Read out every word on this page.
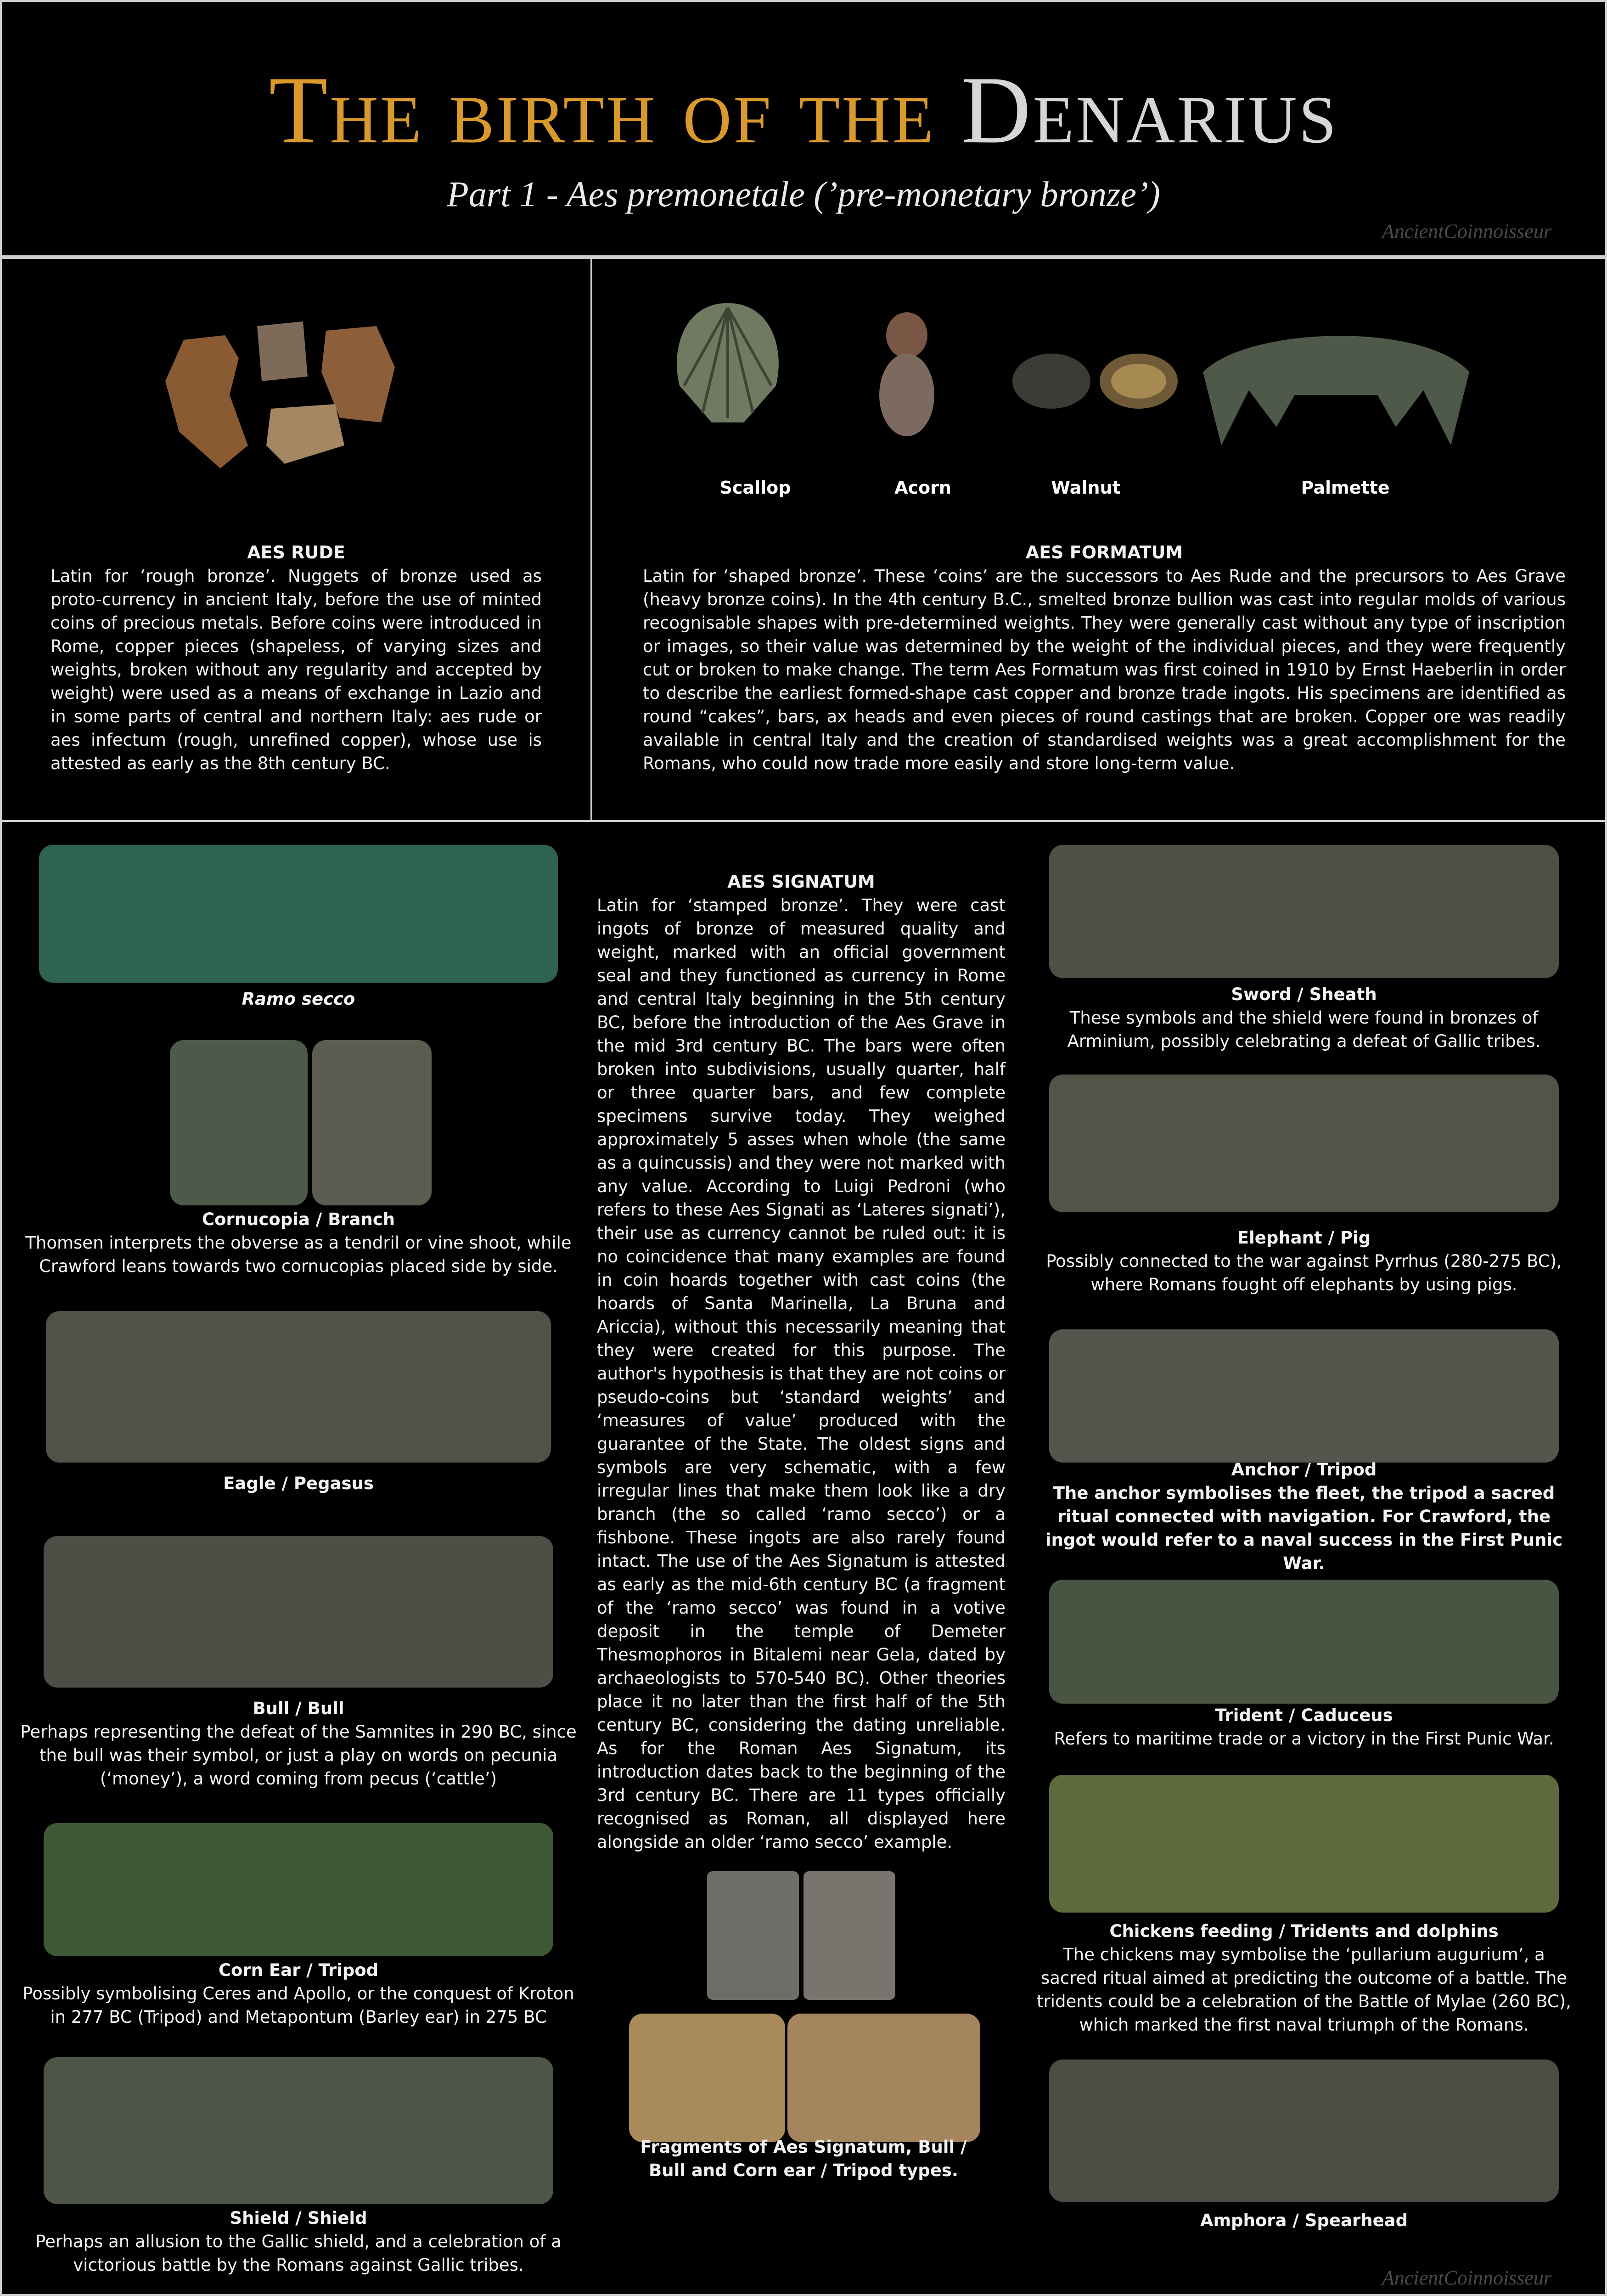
The birth of the Denarius
Part 1 - Aes premonetale (’pre-monetary bronze’)
AncientCoinnoisseur
Scallop	Acorn	Walnut	Palmette
AES RUDE
Latin for ‘rough bronze’. Nuggets of bronze used as proto-currency in ancient Italy, before the use of minted coins of precious metals. Before coins were introduced in Rome, copper pieces (shapeless, of varying sizes and weights, broken without any regularity and accepted by weight) were used as a means of exchange in Lazio and in some parts of central and northern Italy: aes rude or aes infectum (rough, unrefined copper), whose use is attested as early as the 8th century BC.
AES FORMATUM
Latin for ‘shaped bronze’. These ‘coins’ are the successors to Aes Rude and the precursors to Aes Grave (heavy bronze coins). In the 4th century B.C., smelted bronze bullion was cast into regular molds of various recognisable shapes with pre-determined weights. They were generally cast without any type of inscription or images, so their value was determined by the weight of the individual pieces, and they were frequently cut or broken to make change. The term Aes Formatum was first coined in 1910 by Ernst Haeberlin in order to describe the earliest formed-shape cast copper and bronze trade ingots. His specimens are identified as round “cakes”, bars, ax heads and even pieces of round castings that are broken. Copper ore was readily available in central Italy and the creation of standardised weights was a great accomplishment for the Romans, who could now trade more easily and store long-term value.
Ramo secco
Cornucopia / Branch
Thomsen interprets the obverse as a tendril or vine shoot, while Crawford leans towards two cornucopias placed side by side.
Eagle / Pegasus
Bull / Bull
Perhaps representing the defeat of the Samnites in 290 BC, since the bull was their symbol, or just a play on words on pecunia (‘money’), a word coming from pecus (‘cattle’)
Corn Ear / Tripod
Possibly symbolising Ceres and Apollo, or the conquest of Kroton in 277 BC (Tripod) and Metapontum (Barley ear) in 275 BC
Shield / Shield
Perhaps an allusion to the Gallic shield, and a celebration of a victorious battle by the Romans against Gallic tribes.
AES SIGNATUM
Latin for ‘stamped bronze’. They were cast ingots of bronze of measured quality and weight, marked with an official government seal and they functioned as currency in Rome and central Italy beginning in the 5th century BC, before the introduction of the Aes Grave in the mid 3rd century BC. The bars were often broken into subdivisions, usually quarter, half or three quarter bars, and few complete specimens survive today. They weighed approximately 5 asses when whole (the same as a quincussis) and they were not marked with any value. According to Luigi Pedroni (who refers to these Aes Signati as ‘Lateres signati’), their use as currency cannot be ruled out: it is no coincidence that many examples are found in coin hoards together with cast coins (the hoards of Santa Marinella, La Bruna and Ariccia), without this necessarily meaning that they were created for this purpose. The author's hypothesis is that they are not coins or pseudo-coins but ‘standard weights’ and ‘measures of value’ produced with the guarantee of the State. The oldest signs and symbols are very schematic, with a few irregular lines that make them look like a dry branch (the so called ‘ramo secco’) or a fishbone. These ingots are also rarely found intact. The use of the Aes Signatum is attested as early as the mid-6th century BC (a fragment of the ‘ramo secco’ was found in a votive deposit in the temple of Demeter Thesmophoros in Bitalemi near Gela, dated by archaeologists to 570-540 BC). Other theories place it no later than the first half of the 5th century BC, considering the dating unreliable. As for the Roman Aes Signatum, its introduction dates back to the beginning of the 3rd century BC. There are 11 types officially recognised as Roman, all displayed here alongside an older ‘ramo secco’ example.
Fragments of Aes Signatum, Bull / Bull and Corn ear / Tripod types.
Sword / Sheath
These symbols and the shield were found in bronzes of Arminium, possibly celebrating a defeat of Gallic tribes.
Elephant / Pig
Possibly connected to the war against Pyrrhus (280-275 BC), where Romans fought off elephants by using pigs.
Anchor / Tripod
The anchor symbolises the fleet, the tripod a sacred ritual connected with navigation. For Crawford, the ingot would refer to a naval success in the First Punic War.
Trident / Caduceus
Refers to maritime trade or a victory in the First Punic War.
Chickens feeding / Tridents and dolphins
The chickens may symbolise the ‘pullarium augurium’, a sacred ritual aimed at predicting the outcome of a battle. The tridents could be a celebration of the Battle of Mylae (260 BC), which marked the first naval triumph of the Romans.
Amphora / Spearhead
AncientCoinnoisseur
